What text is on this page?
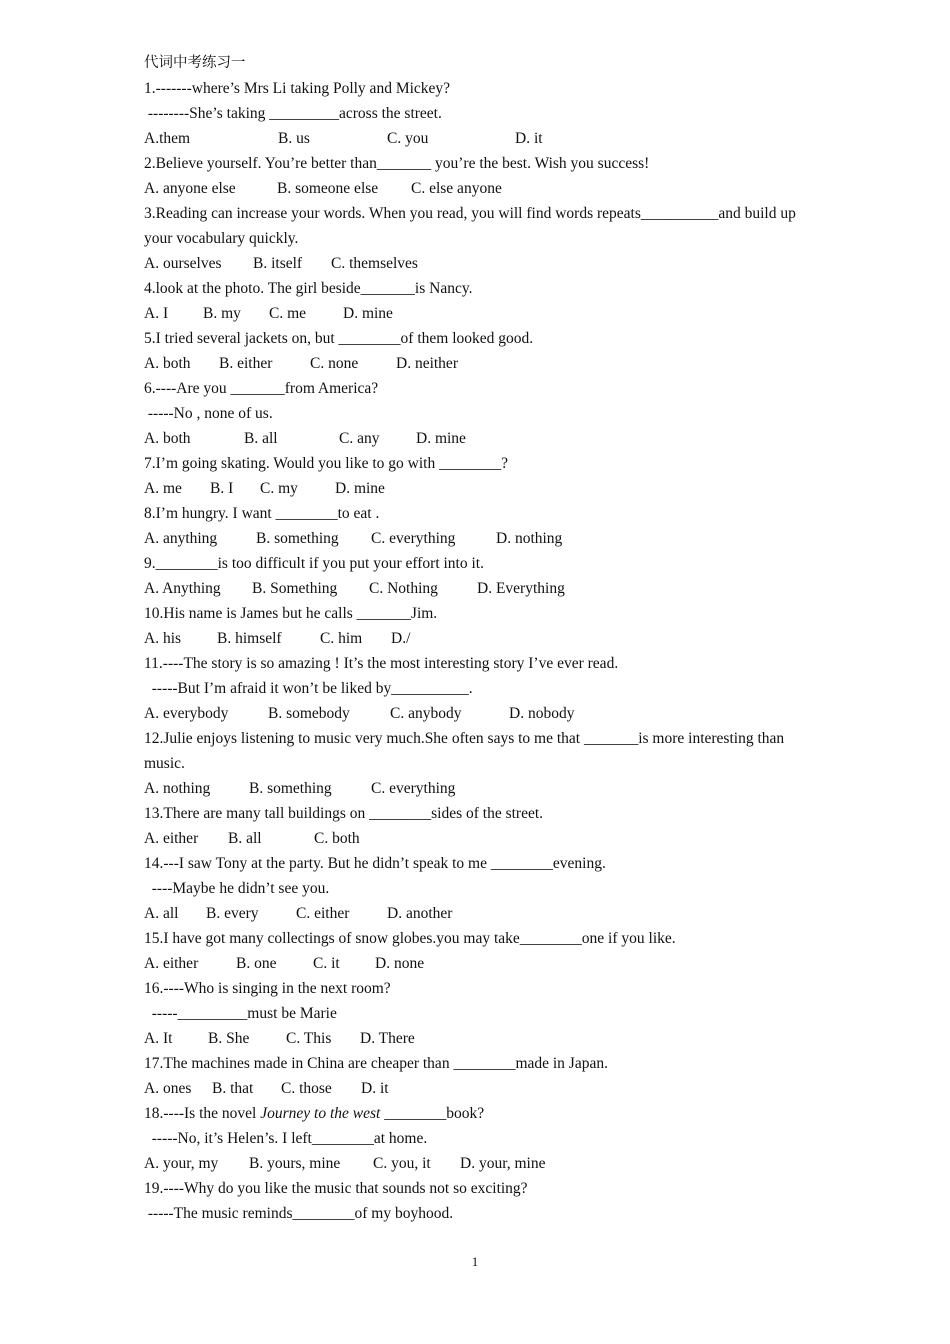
代词中考练习一
1.-------where’s Mrs Li taking Polly and Mickey?
--------She’s taking _________across the street.
A.them	B. us	C. you	D. it
2.Believe yourself. You’re better than_______ you’re the best. Wish you success!
A. anyone else	B. someone else C. else anyone
3.Reading can increase your words. When you read, you will find words repeats__________and build up your vocabulary quickly.
A. ourselves B. itself C. themselves
4.look at the photo. The girl beside_______is Nancy.
A. I B. my C. me D. mine
5.I tried several jackets on, but ________of them looked good.
A. both B. either C. none D. neither
6.----Are you _______from America?
-----No , none of us.
A. both	B. all	C. any D. mine
7.I’m going skating. Would you like to go with ________?
A. me B. I C. my D. mine
8.I’m hungry. I want ________to eat .
A. anything	B. something C. everything	D. nothing
9.________is too difficult if you put your effort into it.
A. Anything B. Something C. Nothing	D. Everything
10.His name is James but he calls _______Jim.
A. his B. himself C. him D./
11.----The story is so amazing ! It’s the most interesting story I’ve ever read.
-----But I’m afraid it won’t be liked by__________.
A. everybody	B. somebody	C. anybody	D. nobody
12.Julie enjoys listening to music very much.She often says to me that _______is more interesting than music.
A. nothing B. something	C. everything
13.There are many tall buildings on ________sides of the street.
A. either B. all	C. both
14.---I saw Tony at the party. But he didn’t speak to me ________evening.
----Maybe he didn’t see you.
A. all B. every C. either D. another
15.I have got many collectings of snow globes.you may take________one if you like.
A. either B. one C. it D. none
16.----Who is singing in the next room?
-----_________must be Marie
A. It B. She C. This D. There
17.The machines made in China are cheaper than ________made in Japan.
A. ones B. that C. those D. it
18.----Is the novel Journey to the west ________book?
-----No, it’s Helen’s. I left________at home.
A. your, my B. yours, mine C. you, it D. your, mine
19.----Why do you like the music that sounds not so exciting?
-----The music reminds________of my boyhood.
1
